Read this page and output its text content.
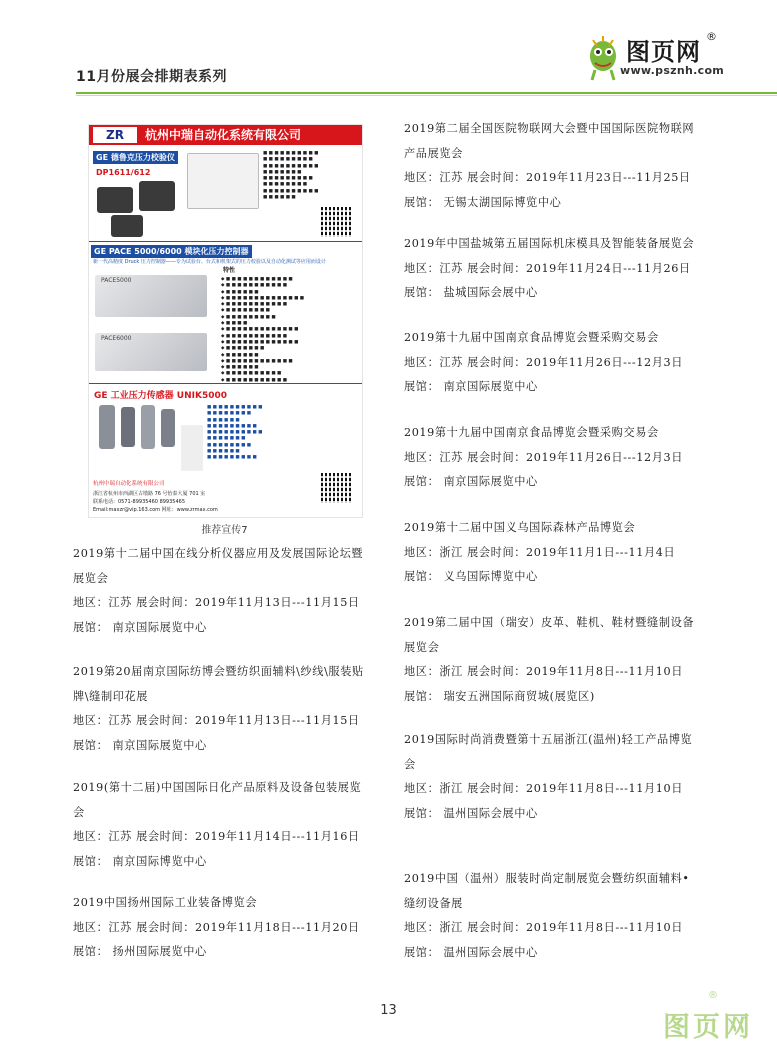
11月份展会排期表系列
图页网
®
www.psznh.com
ZR	杭州中瑞自动化系统有限公司
GE 德鲁克压力校验仪
DP1611/612
■ ■ ■ ■ ■ ■ ■ ■ ■ ■
■ ■ ■ ■ ■ ■ ■ ■ ■
■ ■ ■ ■ ■ ■ ■ ■ ■ ■
■ ■ ■ ■ ■ ■ ■
■ ■ ■ ■ ■ ■ ■ ■ ■
■ ■ ■ ■ ■ ■ ■ ■
■ ■ ■ ■ ■ ■ ■ ■ ■ ■
■ ■ ■ ■ ■ ■
GE PACE 5000/6000 模块化压力控制器
新一代高精度 Druck 压力控制器——专为试验台、台式和机架式的压力校验以及自动化测试等应用而设计
PACE5000
PACE6000
特性
◆ ■ ■ ■ ■ ■ ■ ■ ■ ■ ■ ■ ■
◆ ■ ■ ■ ■ ■ ■ ■ ■ ■ ■ ■
◆ ■ ■ ■ ■ ■ ■
◆ ■ ■ ■ ■ ■ ■ ■ ■ ■ ■ ■ ■ ■ ■
◆ ■ ■ ■ ■ ■ ■ ■ ■ ■ ■ ■
◆ ■ ■ ■ ■ ■ ■ ■ ■
◆ ■ ■ ■ ■ ■ ■ ■ ■ ■
◆ ■ ■ ■ ■
◆ ■ ■ ■ ■ ■ ■ ■ ■ ■ ■ ■ ■ ■
◆ ■ ■ ■ ■ ■ ■ ■ ■ ■ ■ ■
◆ ■ ■ ■ ■ ■ ■ ■ ■ ■ ■ ■ ■ ■
◆ ■ ■ ■ ■ ■ ■ ■
◆ ■ ■ ■ ■ ■ ■
◆ ■ ■ ■ ■ ■ ■ ■ ■ ■ ■ ■ ■
◆ ■ ■ ■ ■ ■ ■
◆ ■ ■ ■ ■ ■ ■ ■ ■ ■ ■
◆ ■ ■ ■ ■ ■ ■ ■ ■ ■ ■ ■
GE 工业压力传感器 UNIK5000
■ ■ ■ ■ ■ ■ ■ ■ ■ ■
■ ■ ■ ■ ■ ■ ■ ■
■ ■ ■ ■ ■ ■
■ ■ ■ ■ ■ ■ ■ ■ ■
■ ■ ■ ■ ■ ■ ■ ■ ■ ■
■ ■ ■ ■ ■ ■ ■
■ ■ ■ ■ ■ ■ ■ ■
■ ■ ■ ■ ■ ■
■ ■ ■ ■ ■ ■ ■ ■ ■
杭州中瑞自动化系统有限公司
浙江省杭州市西湖区古墩路 76 号怡泰大厦 701 室
联系电话：0571-89935460 89935465
Email:maxzr@vip.163.com 网址：www.zrmax.com
推荐宣传7
2019第十二届中国在线分析仪器应用及发展国际论坛暨
展览会
地区：江苏 展会时间：2019年11月13日---11月15日
展馆： 南京国际展览中心
2019第20届南京国际纺博会暨纺织面辅料\纱线\服装贴
牌\缝制印花展
地区：江苏 展会时间：2019年11月13日---11月15日
展馆： 南京国际展览中心
2019(第十二届)中国国际日化产品原料及设备包装展览
会
地区：江苏 展会时间：2019年11月14日---11月16日
展馆： 南京国际博览中心
2019中国扬州国际工业装备博览会
地区：江苏 展会时间：2019年11月18日---11月20日
展馆： 扬州国际展览中心
2019第二届全国医院物联网大会暨中国国际医院物联网
产品展览会
地区：江苏 展会时间：2019年11月23日---11月25日
展馆： 无锡太湖国际博览中心
2019年中国盐城第五届国际机床模具及智能装备展览会
地区：江苏 展会时间：2019年11月24日---11月26日
展馆： 盐城国际会展中心
2019第十九届中国南京食品博览会暨采购交易会
地区：江苏 展会时间：2019年11月26日---12月3日
展馆： 南京国际展览中心
2019第十九届中国南京食品博览会暨采购交易会
地区：江苏 展会时间：2019年11月26日---12月3日
展馆： 南京国际展览中心
2019第十二届中国义乌国际森林产品博览会
地区：浙江 展会时间：2019年11月1日---11月4日
展馆： 义乌国际博览中心
2019第二届中国（瑞安）皮革、鞋机、鞋材暨缝制设备
展览会
地区：浙江 展会时间：2019年11月8日---11月10日
展馆： 瑞安五洲国际商贸城(展览区)
2019国际时尚消费暨第十五届浙江(温州)轻工产品博览
会
地区：浙江 展会时间：2019年11月8日---11月10日
展馆： 温州国际会展中心
2019中国（温州）服装时尚定制展览会暨纺织面辅料•
缝纫设备展
地区：浙江 展会时间：2019年11月8日---11月10日
展馆： 温州国际会展中心
13
图页网
®
